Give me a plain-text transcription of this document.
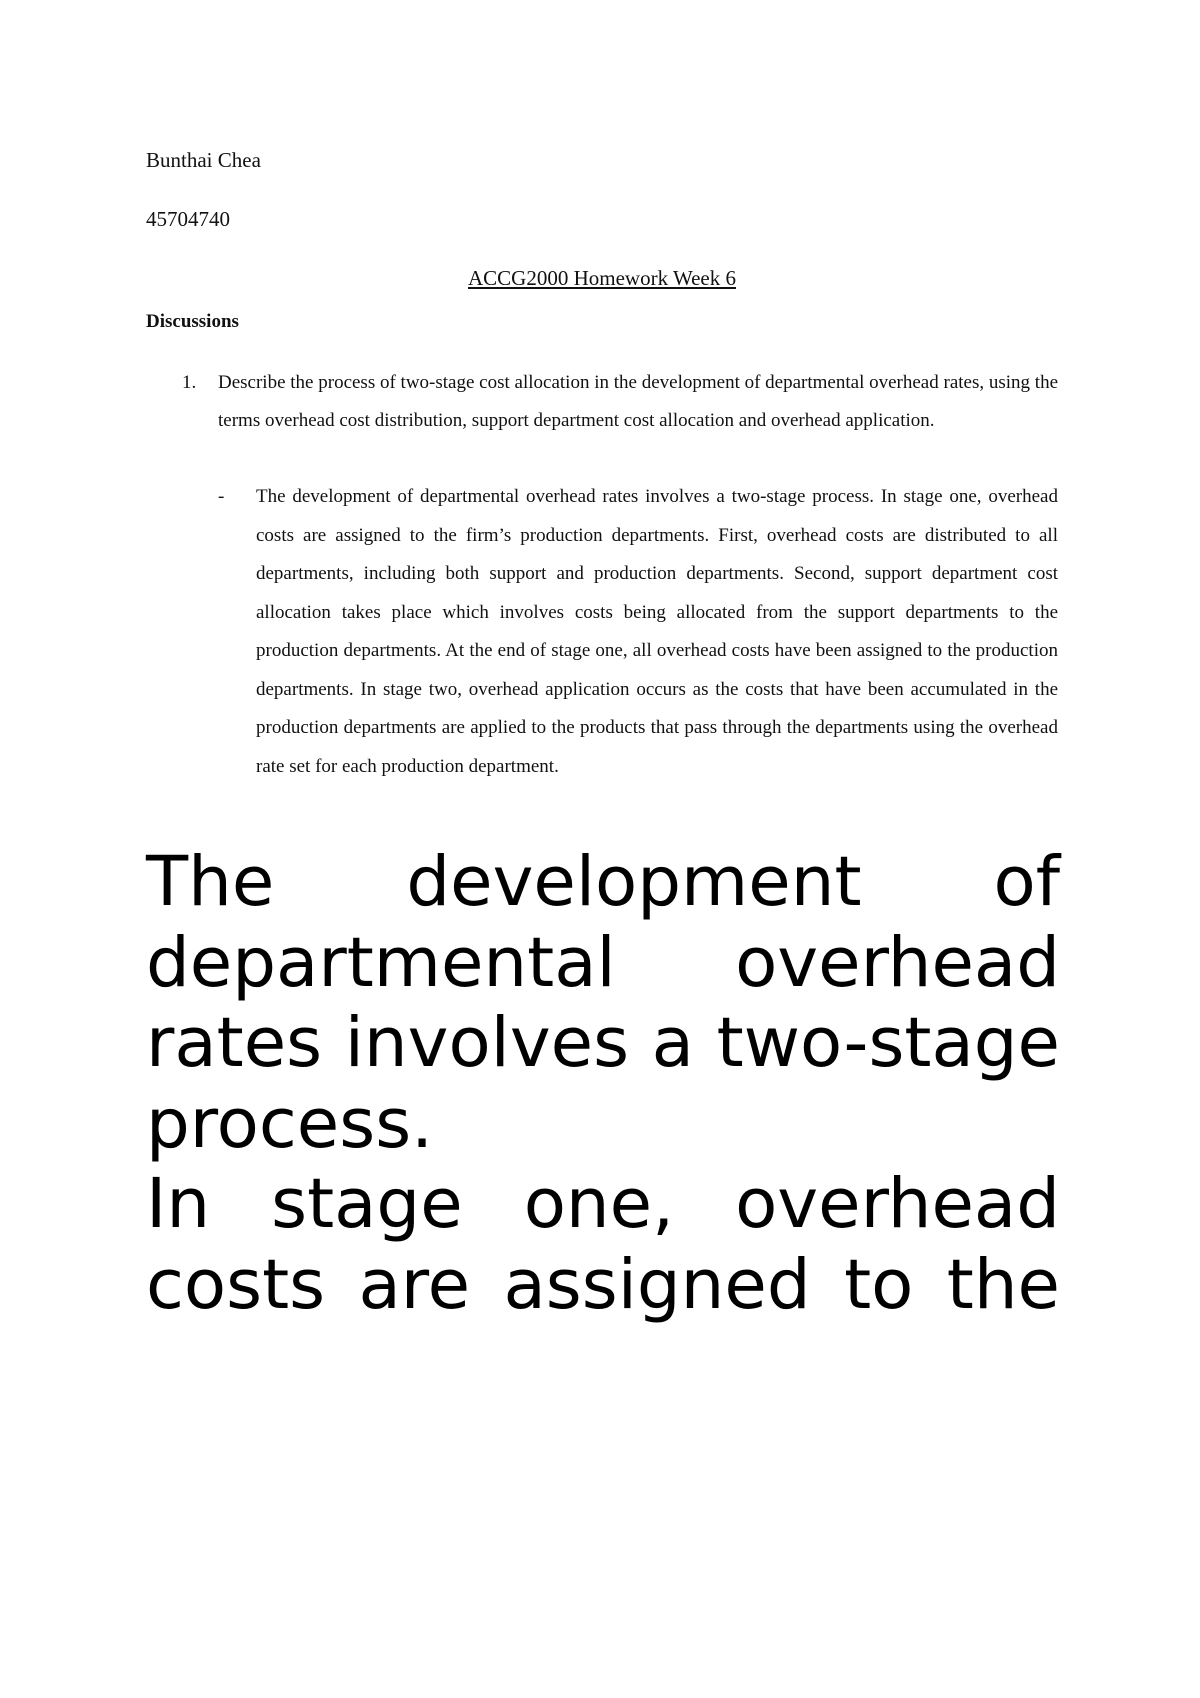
Bunthai Chea
45704740
ACCG2000 Homework Week 6
Discussions
1. Describe the process of two-stage cost allocation in the development of departmental overhead rates, using the terms overhead cost distribution, support department cost allocation and overhead application.
- The development of departmental overhead rates involves a two-stage process. In stage one, overhead costs are assigned to the firm’s production departments. First, overhead costs are distributed to all departments, including both support and production departments. Second, support department cost allocation takes place which involves costs being allocated from the support departments to the production departments. At the end of stage one, all overhead costs have been assigned to the production departments. In stage two, overhead application occurs as the costs that have been accumulated in the production departments are applied to the products that pass through the departments using the overhead rate set for each production department.

The development of departmental overhead rates involves a two-stage process.

In stage one, overhead costs are assigned to the
